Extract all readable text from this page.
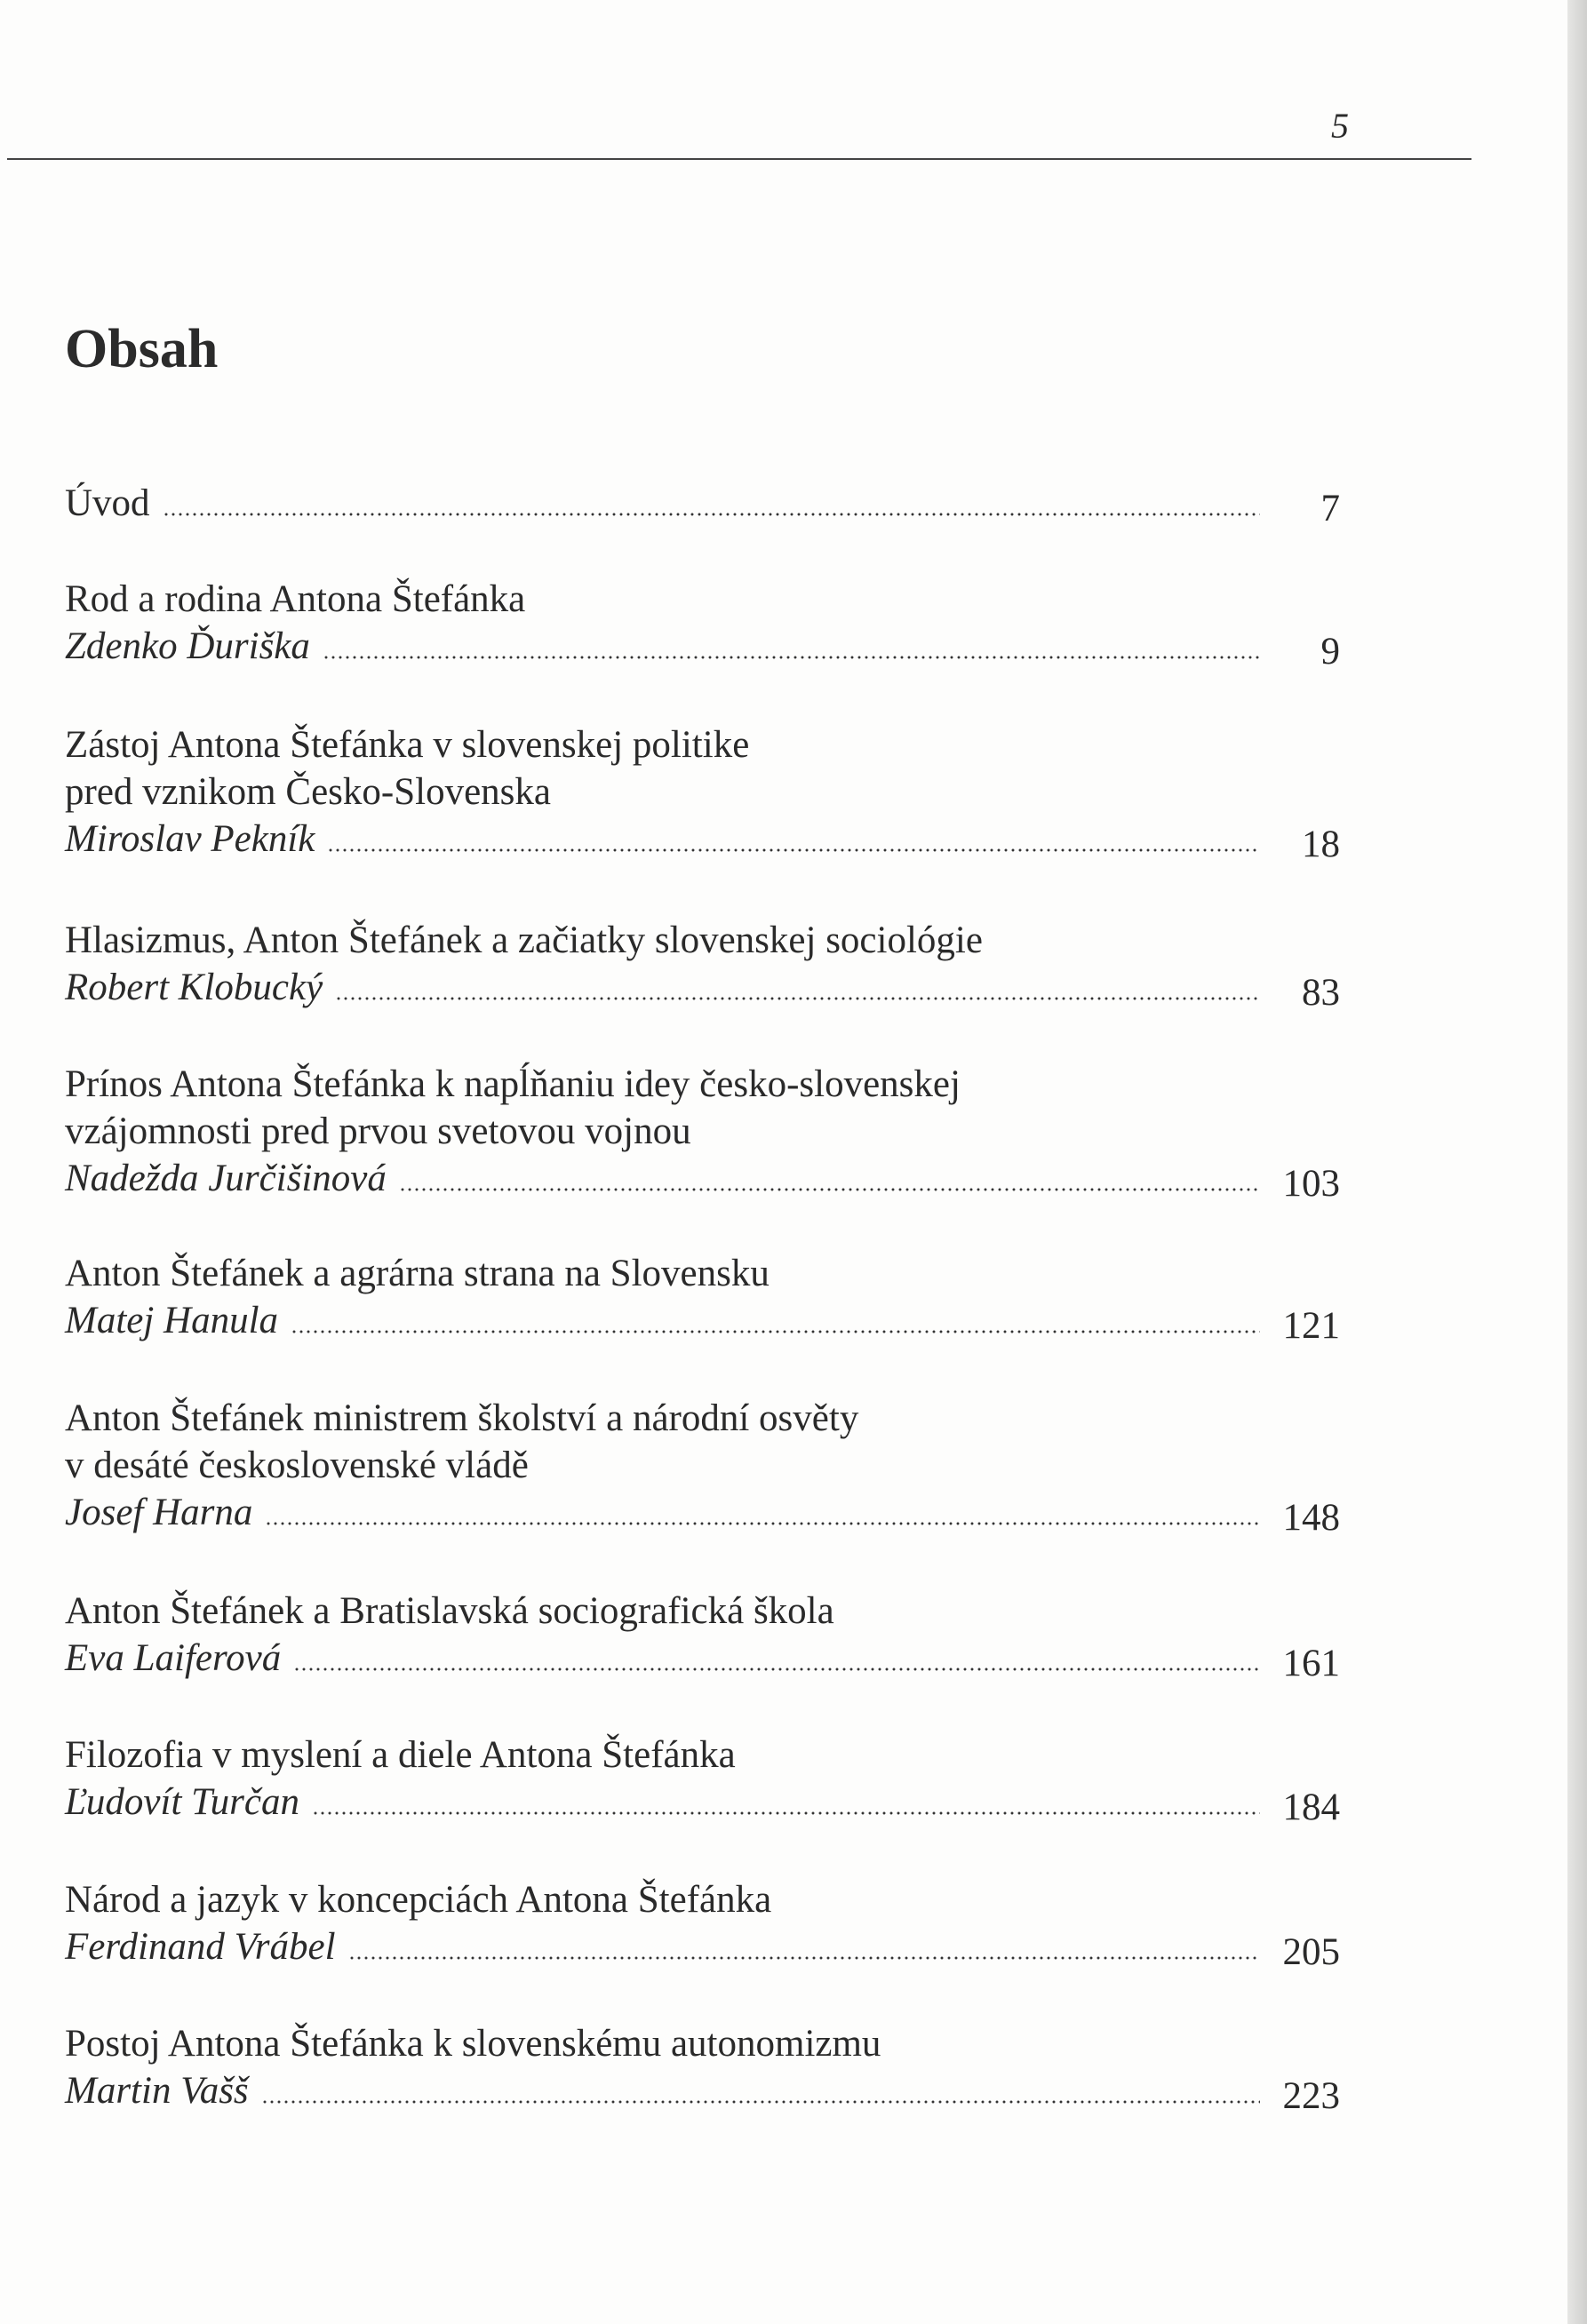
5
Obsah
Úvod	7
Rod a rodina Antona Štefánka
Zdenko Ďuriška	9
Zástoj Antona Štefánka v slovenskej politike
pred vznikom Česko-Slovenska
Miroslav Pekník	18
Hlasizmus, Anton Štefánek a začiatky slovenskej sociológie
Robert Klobucký	83
Prínos Antona Štefánka k napĺňaniu idey česko-slovenskej
vzájomnosti pred prvou svetovou vojnou
Nadežda Jurčišinová	103
Anton Štefánek a agrárna strana na Slovensku
Matej Hanula	121
Anton Štefánek ministrem školství a národní osvěty
v desáté československé vládě
Josef Harna	148
Anton Štefánek a Bratislavská sociografická škola
Eva Laiferová	161
Filozofia v myslení a diele Antona Štefánka
Ľudovít Turčan	184
Národ a jazyk v koncepciách Antona Štefánka
Ferdinand Vrábel	205
Postoj Antona Štefánka k slovenskému autonomizmu
Martin Vašš	223
